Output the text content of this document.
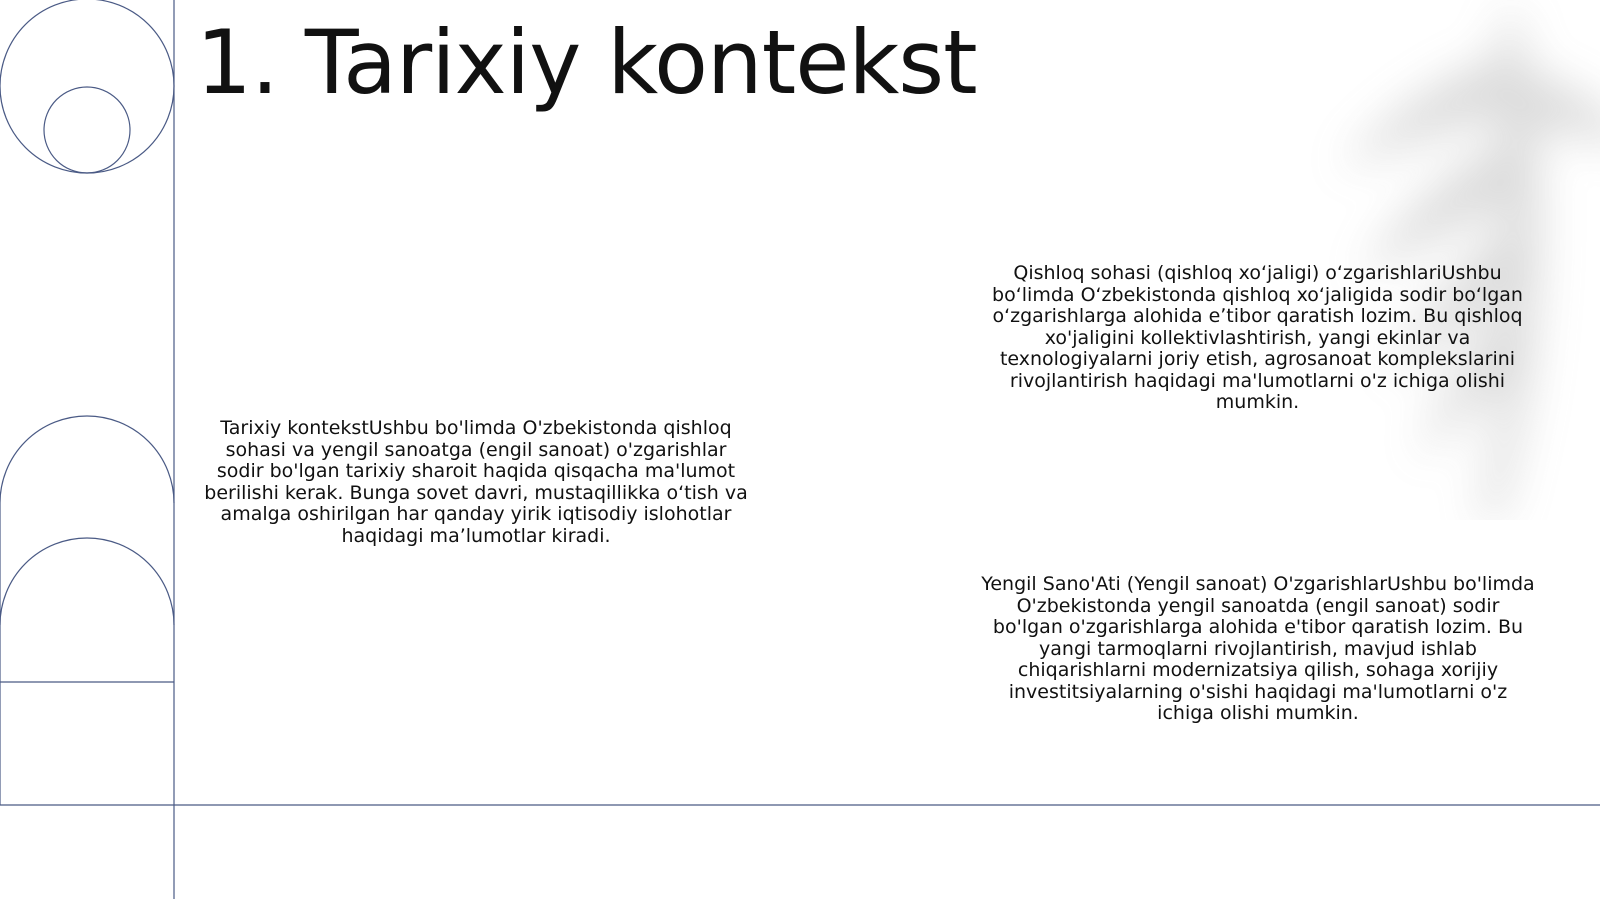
1. Tarixiy kontekst

Tarixiy kontekstUshbu bo'limda O'zbekistonda qishloq sohasi va yengil sanoatga (engil sanoat) o'zgarishlar sodir bo'lgan tarixiy sharoit haqida qisqacha ma'lumot berilishi kerak. Bunga sovet davri, mustaqillikka o‘tish va amalga oshirilgan har qanday yirik iqtisodiy islohotlar haqidagi ma’lumotlar kiradi.

Qishloq sohasi (qishloq xoʻjaligi) oʻzgarishlariUshbu boʻlimda Oʻzbekistonda qishloq xoʻjaligida sodir boʻlgan oʻzgarishlarga alohida eʼtibor qaratish lozim. Bu qishloq xo'jaligini kollektivlashtirish, yangi ekinlar va texnologiyalarni joriy etish, agrosanoat komplekslarini rivojlantirish haqidagi ma'lumotlarni o'z ichiga olishi mumkin.

Yengil Sano'Ati (Yengil sanoat) O'zgarishlarUshbu bo'limda O'zbekistonda yengil sanoatda (engil sanoat) sodir bo'lgan o'zgarishlarga alohida e'tibor qaratish lozim. Bu yangi tarmoqlarni rivojlantirish, mavjud ishlab chiqarishlarni modernizatsiya qilish, sohaga xorijiy investitsiyalarning o'sishi haqidagi ma'lumotlarni o'z ichiga olishi mumkin.
